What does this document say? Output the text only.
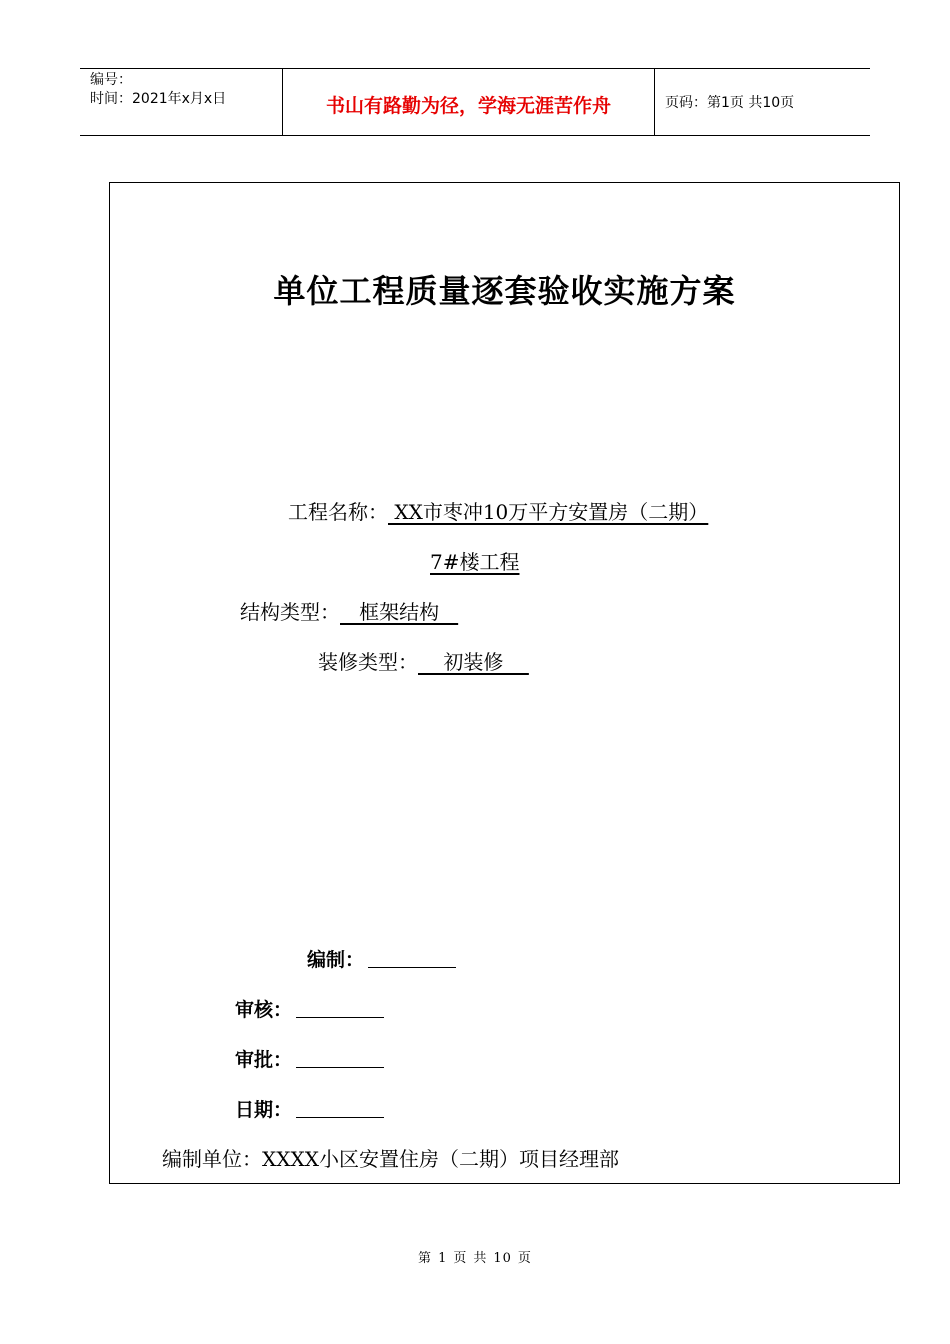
编号：
时间：2021年x月x日	书山有路勤为径，学海无涯苦作舟	页码：第1页 共10页
单位工程质量逐套验收实施方案
工程名称： XX市枣冲10万平方安置房（二期）
7#楼工程
结构类型：   框架结构
装修类型：    初装修
编制：
审核：
审批：
日期：
编制单位：XXXX小区安置住房（二期）项目经理部
第 1 页 共 10 页
